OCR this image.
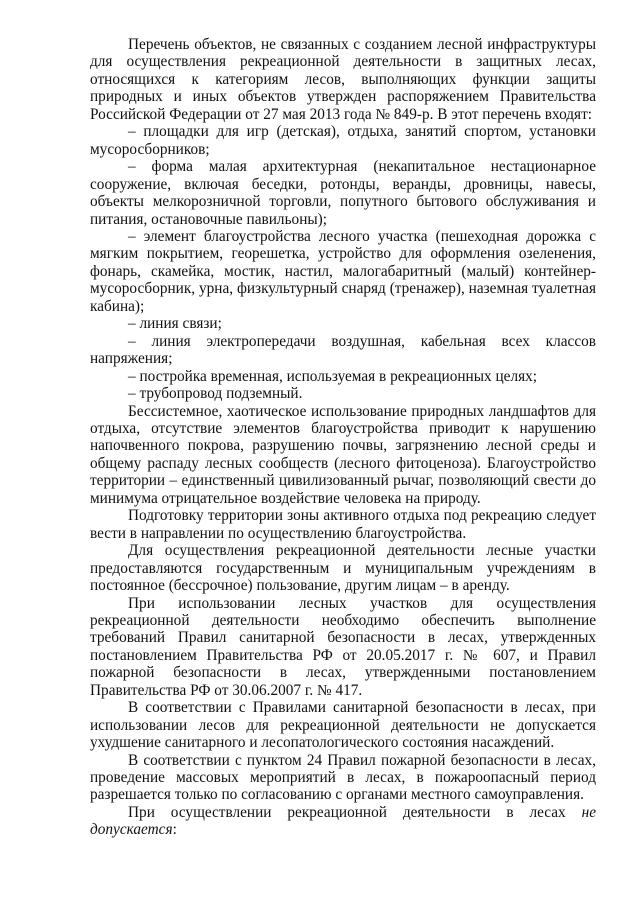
Перечень объектов, не связанных с созданием лесной инфраструктуры для осуществления рекреационной деятельности в защитных лесах, относящихся к категориям лесов, выполняющих функции защиты природных и иных объектов утвержден распоряжением Правительства Российской Федерации от 27 мая 2013 года № 849-р. В этот перечень входят:

– площадки для игр (детская), отдыха, занятий спортом, установки мусоросборников;

– форма малая архитектурная (некапитальное нестационарное сооружение, включая беседки, ротонды, веранды, дровницы, навесы, объекты мелкорозничной торговли, попутного бытового обслуживания и питания, остановочные павильоны);

– элемент благоустройства лесного участка (пешеходная дорожка с мягким покрытием, георешетка, устройство для оформления озеленения, фонарь, скамейка, мостик, настил, малогабаритный (малый) контейнер-мусоросборник, урна, физкультурный снаряд (тренажер), наземная туалетная кабина);

– линия связи;

– линия электропередачи воздушная, кабельная всех классов напряжения;

– постройка временная, используемая в рекреационных целях;

– трубопровод подземный.

Бессистемное, хаотическое использование природных ландшафтов для отдыха, отсутствие элементов благоустройства приводит к нарушению напочвенного покрова, разрушению почвы, загрязнению лесной среды и общему распаду лесных сообществ (лесного фитоценоза). Благоустройство территории – единственный цивилизованный рычаг, позволяющий свести до минимума отрицательное воздействие человека на природу.

Подготовку территории зоны активного отдыха под рекреацию следует вести в направлении по осуществлению благоустройства.

Для осуществления рекреационной деятельности лесные участки предоставляются государственным и муниципальным учреждениям в постоянное (бессрочное) пользование, другим лицам – в аренду.

При использовании лесных участков для осуществления рекреационной деятельности необходимо обеспечить выполнение требований Правил санитарной безопасности в лесах, утвержденных постановлением Правительства РФ от 20.05.2017 г. № 607, и Правил пожарной безопасности в лесах, утвержденными постановлением Правительства РФ от 30.06.2007 г. № 417.

В соответствии с Правилами санитарной безопасности в лесах, при использовании лесов для рекреационной деятельности не допускается ухудшение санитарного и лесопатологического состояния насаждений.

В соответствии с пунктом 24 Правил пожарной безопасности в лесах, проведение массовых мероприятий в лесах, в пожароопасный период разрешается только по согласованию с органами местного самоуправления.

При осуществлении рекреационной деятельности в лесах не допускается:
